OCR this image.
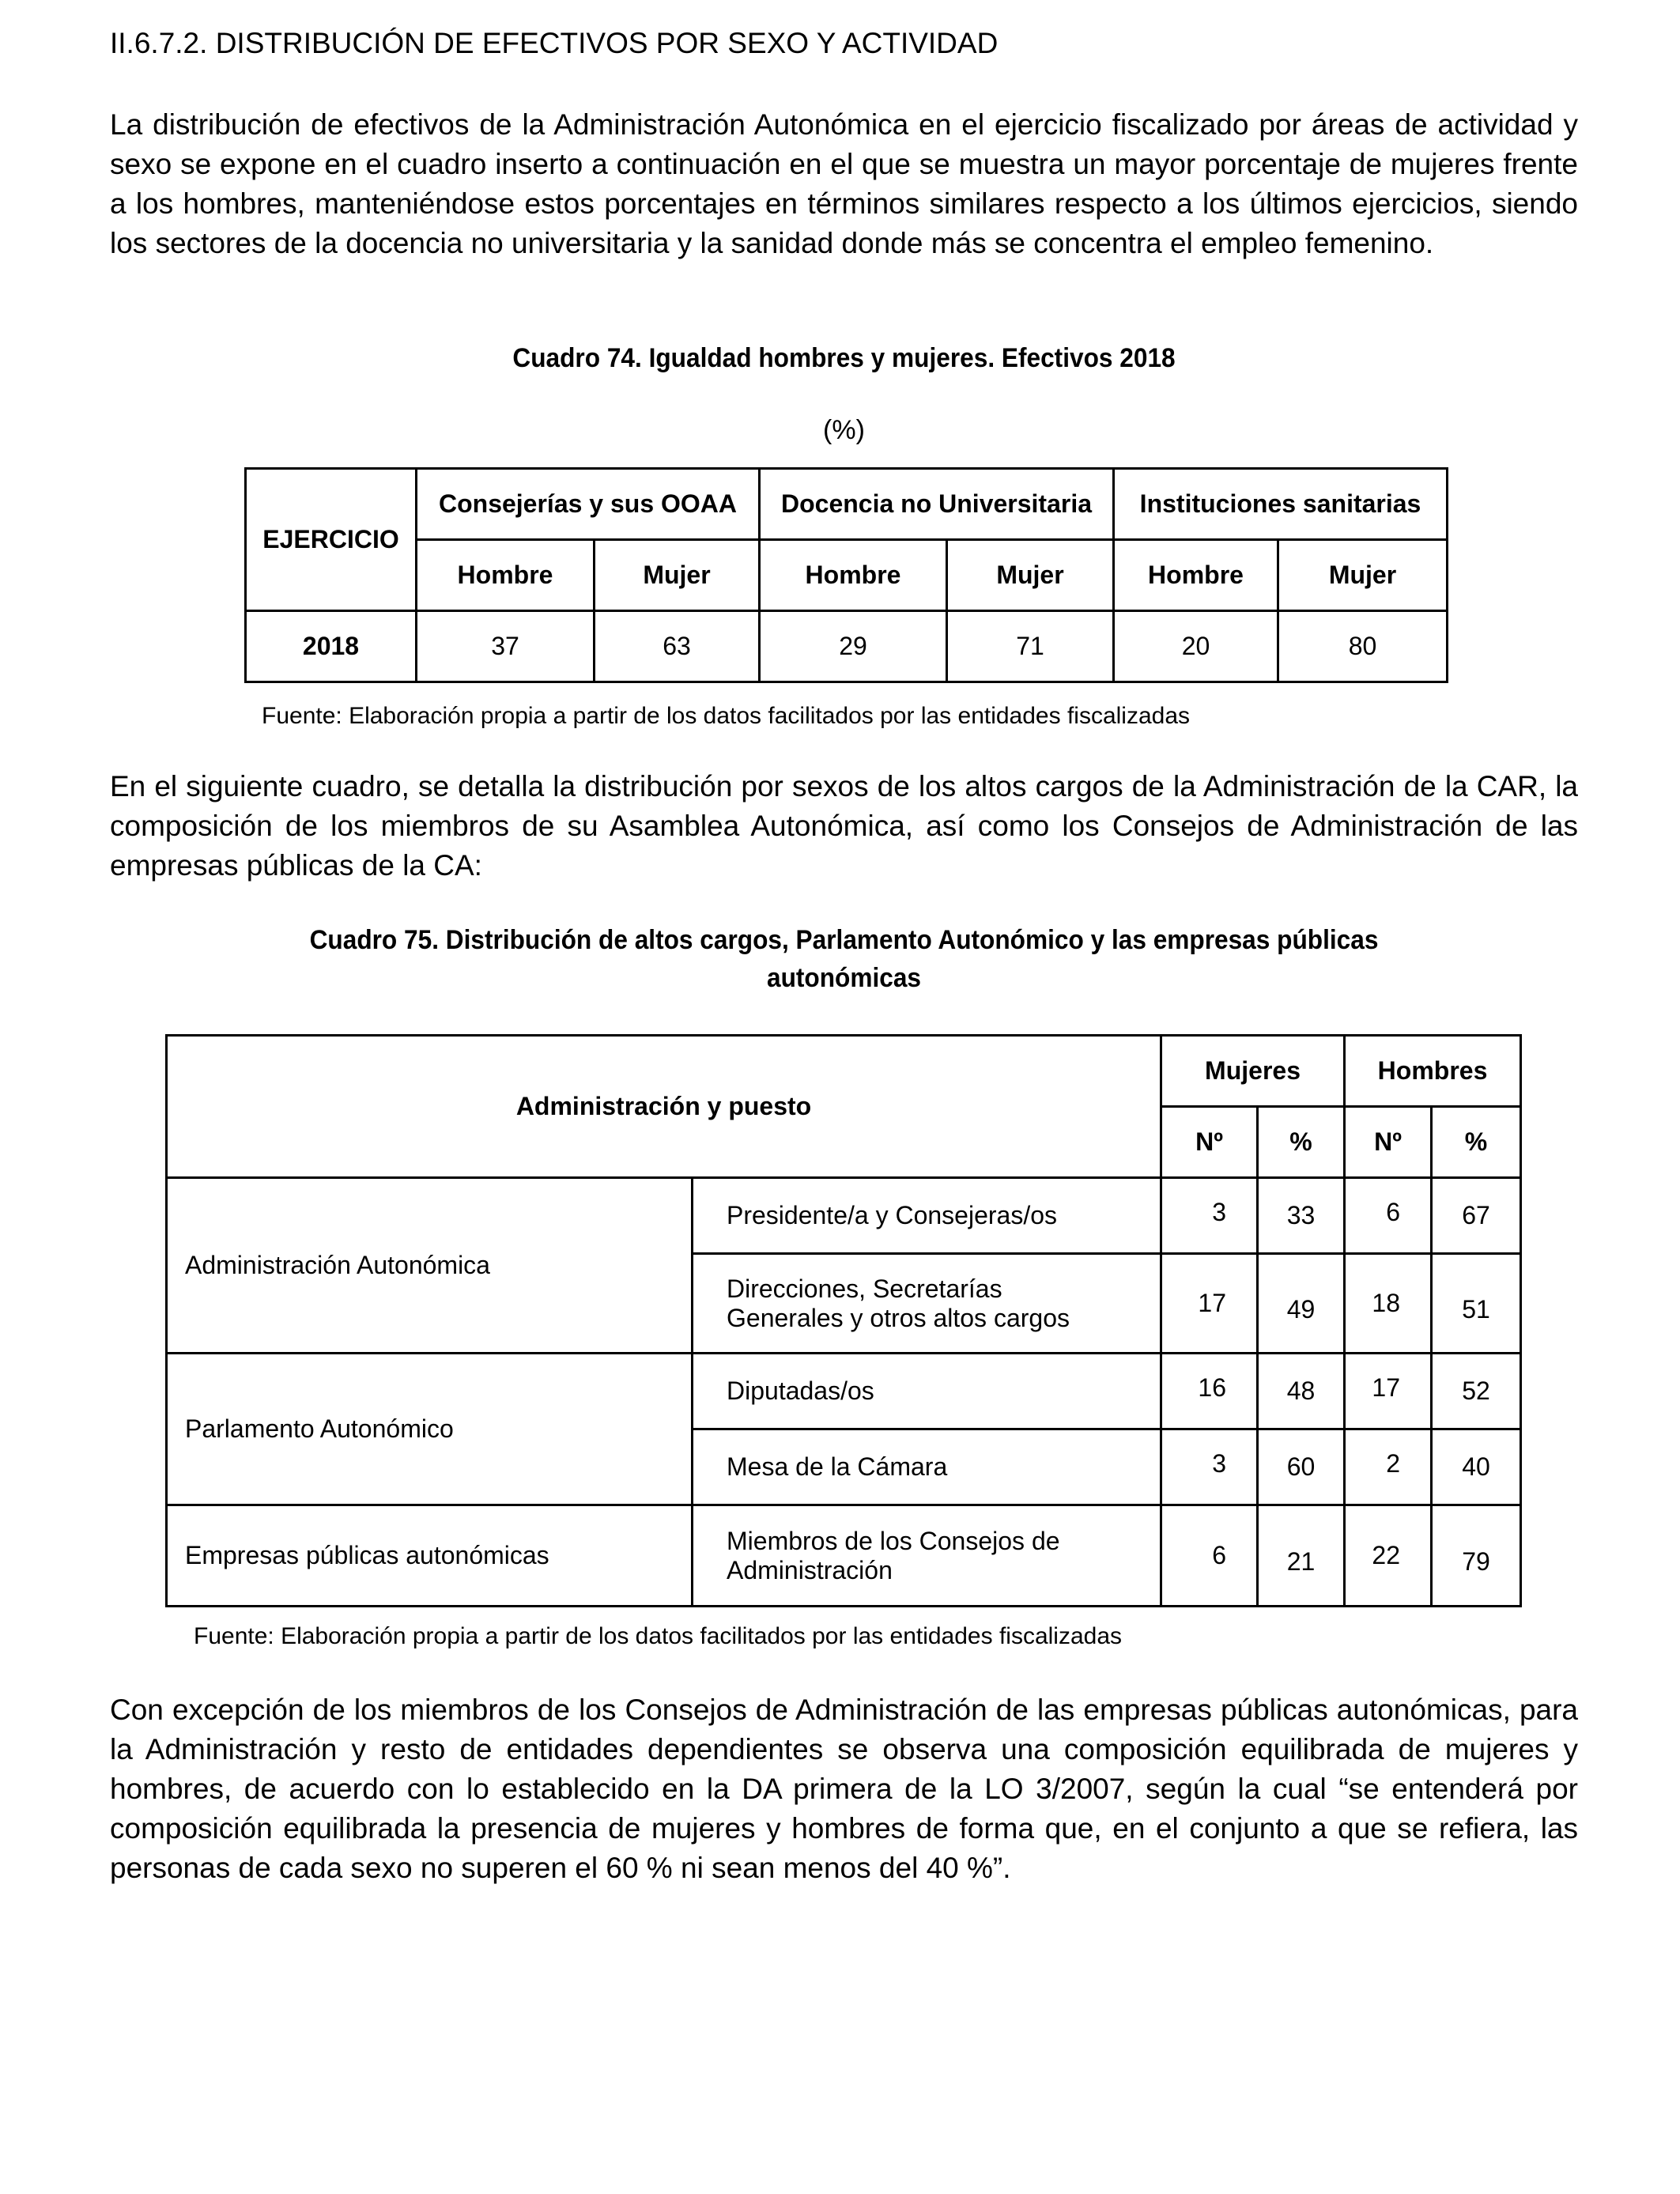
II.6.7.2. DISTRIBUCIÓN DE EFECTIVOS POR SEXO Y ACTIVIDAD

La distribución de efectivos de la Administración Autonómica en el ejercicio fiscalizado por áreas de actividad y sexo se expone en el cuadro inserto a continuación en el que se muestra un mayor porcentaje de mujeres frente a los hombres, manteniéndose estos porcentajes en términos similares respecto a los últimos ejercicios, siendo los sectores de la docencia no universitaria y la sanidad donde más se concentra el empleo femenino.

Cuadro 74. Igualdad hombres y mujeres. Efectivos 2018
(%)
EJERCICIO	Consejerías y sus OOAA		Docencia no Universitaria		Instituciones sanitarias	
	Hombre	Mujer	Hombre	Mujer	Hombre	Mujer
2018	37	63	29	71	20	80
Fuente: Elaboración propia a partir de los datos facilitados por las entidades fiscalizadas

En el siguiente cuadro, se detalla la distribución por sexos de los altos cargos de la Administración de la CAR, la composición de los miembros de su Asamblea Autonómica, así como los Consejos de Administración de las empresas públicas de la CA:

Cuadro 75. Distribución de altos cargos, Parlamento Autonómico y las empresas públicas
autonómicas
Administración y puesto		Mujeres		Hombres	
		Nº	%	Nº	%
Administración Autonómica	Presidente/a y Consejeras/os	3	33	6	67

	Direcciones, Secretarías
Generales y otros altos cargos	17	49	18	51
Parlamento Autonómico	Diputadas/os	16	48	17	52
	Mesa de la Cámara	3	60	2	40
Empresas públicas autonómicas	Miembros de los Consejos de
Administración	6	21	22	79
Fuente: Elaboración propia a partir de los datos facilitados por las entidades fiscalizadas

Con excepción de los miembros de los Consejos de Administración de las empresas públicas autonómicas, para la Administración y resto de entidades dependientes se observa una composición equilibrada de mujeres y hombres, de acuerdo con lo establecido en la DA primera de la LO 3/2007, según la cual “se entenderá por composición equilibrada la presencia de mujeres y hombres de forma que, en el conjunto a que se refiera, las personas de cada sexo no superen el 60 % ni sean menos del 40 %”.
